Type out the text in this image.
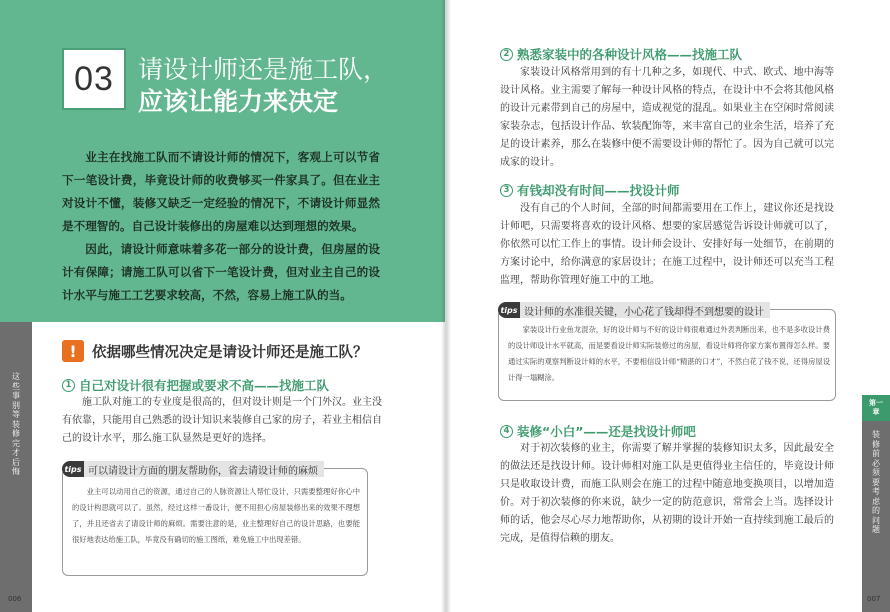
03 请设计师还是施工队，
应该让能力来决定

业主在找施工队而不请设计师的情况下，客观上可以节省下一笔设计费，毕竟设计师的收费够买一件家具了。但在业主对设计不懂，装修又缺乏一定经验的情况下，不请设计师显然是不理智的。自己设计装修出的房屋难以达到理想的效果。

因此，请设计师意味着多花一部分的设计费，但房屋的设计有保障；请施工队可以省下一笔设计费，但对业主自己的设计水平与施工工艺要求较高，不然，容易上施工队的当。

这些事别等装修完才后悔
006
!	依据哪些情况决定是请设计师还是施工队？
1 自己对设计很有把握或要求不高——找施工队

施工队对施工的专业度是很高的，但对设计则是一个门外汉。业主没有依靠，只能用自己熟悉的设计知识来装修自己家的房子，若业主相信自己的设计水平，那么施工队显然是更好的选择。

tips 可以请设计方面的朋友帮助你，省去请设计师的麻烦

业主可以动用自己的资源，通过自己的人脉资源让人帮忙设计，只需要整理好你心中的设计构思就可以了。虽然，经过这样一番设计，便不用担心房屋装修出来的效果不理想了，并且还省去了请设计师的麻烦。需要注意的是，业主整理好自己的设计思路，也要能很好地表达给施工队，毕竟没有确切的施工图纸，难免施工中出现差错。

2 熟悉家装中的各种设计风格——找施工队

家装设计风格常用到的有十几种之多，如现代、中式、欧式、地中海等设计风格。业主需要了解每一种设计风格的特点，在设计中不会将其他风格的设计元素带到自己的房屋中，造成视觉的混乱。如果业主在空闲时常阅读家装杂志，包括设计作品、软装配饰等，来丰富自己的业余生活，培养了充足的设计素养，那么在装修中便不需要设计师的帮忙了。因为自己就可以完成家的设计。

3 有钱却没有时间——找设计师

没有自己的个人时间，全部的时间都需要用在工作上，建议你还是找设计师吧，只需要将喜欢的设计风格、想要的家居感觉告诉设计师就可以了，你依然可以忙工作上的事情。设计师会设计、安排好每一处细节，在前期的方案讨论中，给你满意的家居设计；在施工过程中，设计师还可以充当工程监理，帮助你管理好施工中的工地。

tips 设计师的水准很关键，小心花了钱却得不到想要的设计

家装设计行业鱼龙混杂，好的设计师与不好的设计师很难通过外表判断出来，也不是多收设计费的设计师设计水平就高，而是要看设计师实际装修过的房屋，看设计师将你家方案布置得怎么样。要通过实际的观察判断设计师的水平，不要相信设计师“精湛的口才”，不然白花了钱不说，还得房屋设计得一塌糊涂。

4 装修“小白”——还是找设计师吧

对于初次装修的业主，你需要了解并掌握的装修知识太多，因此最安全的做法还是找设计师。设计师相对施工队是更值得业主信任的，毕竟设计师只是收取设计费，而施工队则会在施工的过程中随意地变换项目，以增加造价。对于初次装修的你来说，缺少一定的防范意识，常常会上当。选择设计师的话，他会尽心尽力地帮助你，从初期的设计开始一直持续到施工最后的完成，是值得信赖的朋友。

第一章
装修前必须要考虑的问题
007
